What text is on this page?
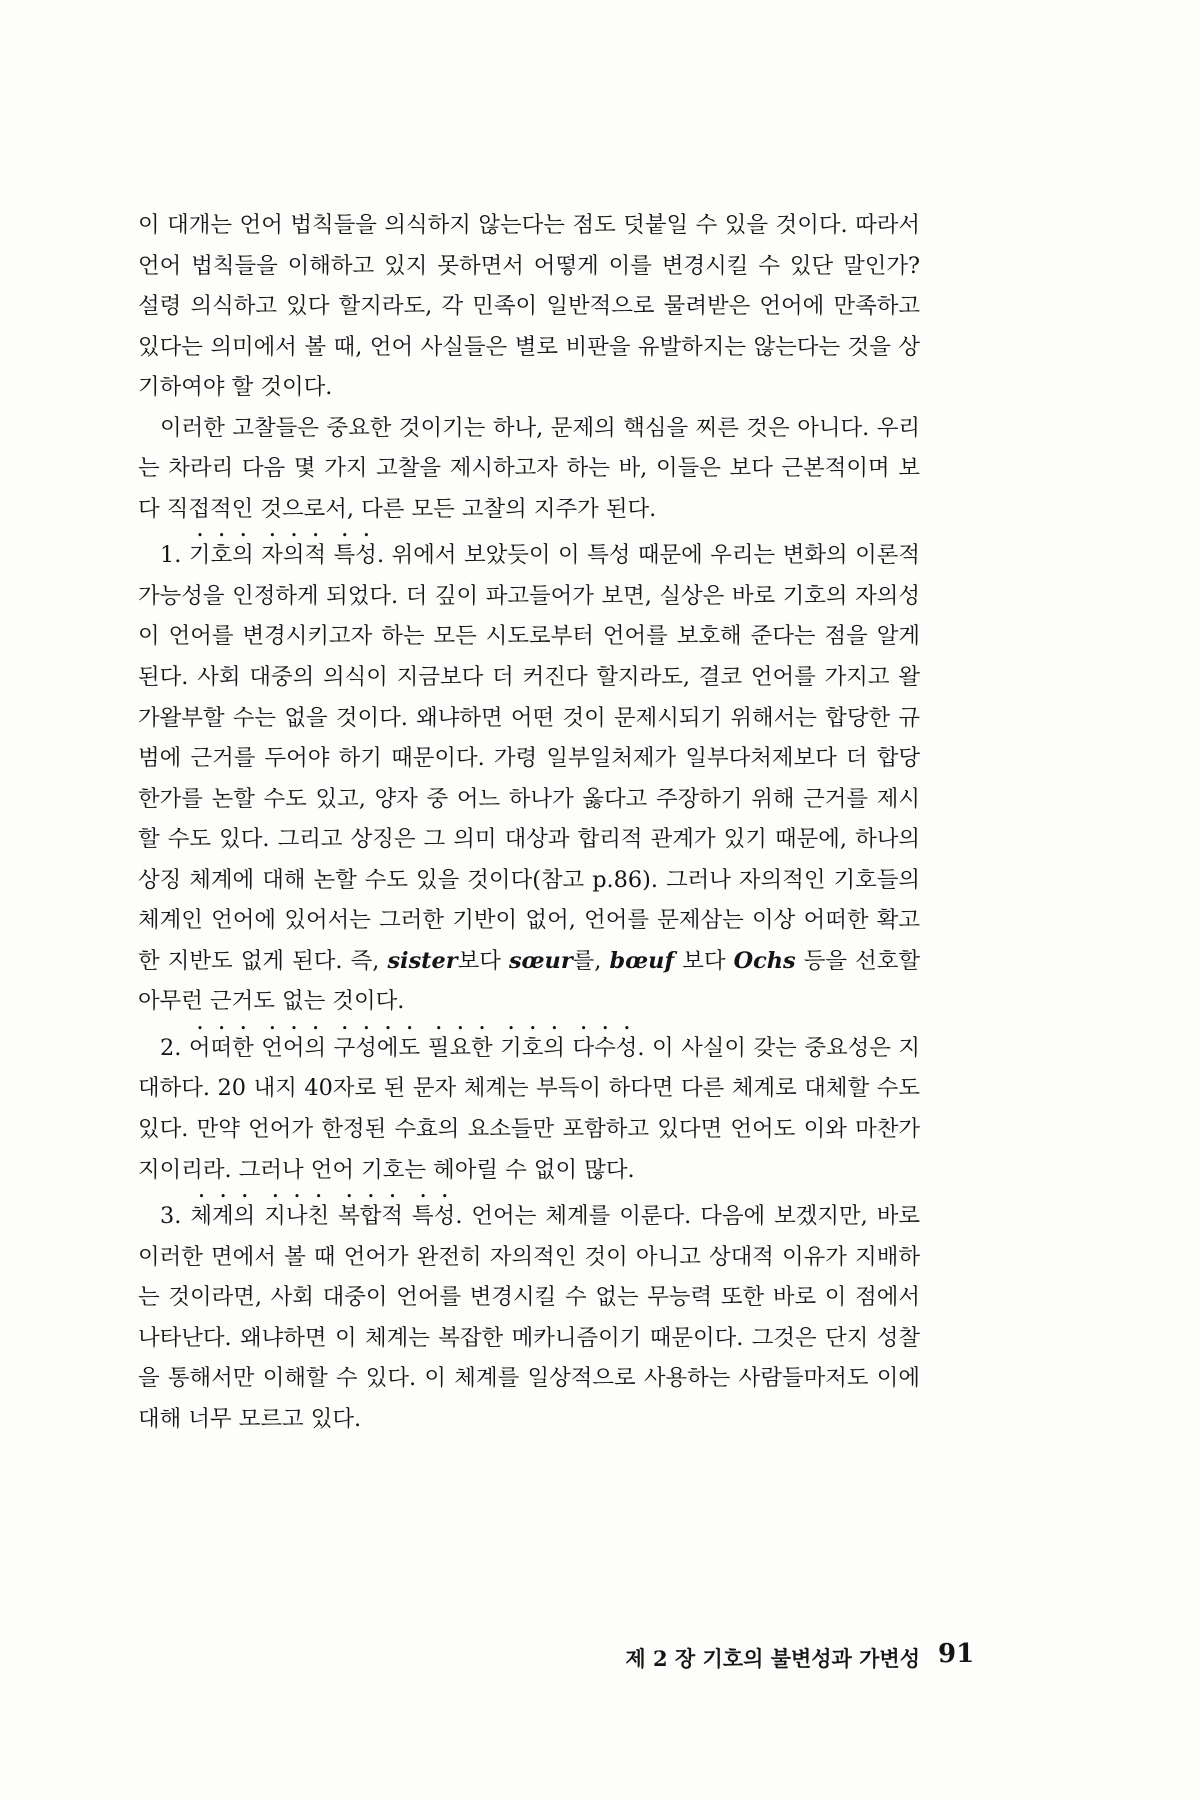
이 대개는 언어 법칙들을 의식하지 않는다는 점도 덧붙일 수 있을 것이다. 따라서 언어 법칙들을 이해하고 있지 못하면서 어떻게 이를 변경시킬 수 있단 말인가? 설령 의식하고 있다 할지라도, 각 민족이 일반적으로 물려받은 언어에 만족하고 있다는 의미에서 볼 때, 언어 사실들은 별로 비판을 유발하지는 않는다는 것을 상기하여야 할 것이다.

이러한 고찰들은 중요한 것이기는 하나, 문제의 핵심을 찌른 것은 아니다. 우리는 차라리 다음 몇 가지 고찰을 제시하고자 하는 바, 이들은 보다 근본적이며 보다 직접적인 것으로서, 다른 모든 고찰의 지주가 된다.

1. 기호의 자의적 특성. 위에서 보았듯이 이 특성 때문에 우리는 변화의 이론적 가능성을 인정하게 되었다. 더 깊이 파고들어가 보면, 실상은 바로 기호의 자의성이 언어를 변경시키고자 하는 모든 시도로부터 언어를 보호해 준다는 점을 알게 된다. 사회 대중의 의식이 지금보다 더 커진다 할지라도, 결코 언어를 가지고 왈가왈부할 수는 없을 것이다. 왜냐하면 어떤 것이 문제시되기 위해서는 합당한 규범에 근거를 두어야 하기 때문이다. 가령 일부일처제가 일부다처제보다 더 합당한가를 논할 수도 있고, 양자 중 어느 하나가 옳다고 주장하기 위해 근거를 제시할 수도 있다. 그리고 상징은 그 의미 대상과 합리적 관계가 있기 때문에, 하나의 상징 체계에 대해 논할 수도 있을 것이다(참고 p.86). 그러나 자의적인 기호들의 체계인 언어에 있어서는 그러한 기반이 없어, 언어를 문제삼는 이상 어떠한 확고한 지반도 없게 된다. 즉, sister보다 sœur를, bœuf 보다 Ochs 등을 선호할 아무런 근거도 없는 것이다.

2. 어떠한 언어의 구성에도 필요한 기호의 다수성. 이 사실이 갖는 중요성은 지대하다. 20 내지 40자로 된 문자 체계는 부득이 하다면 다른 체계로 대체할 수도 있다. 만약 언어가 한정된 수효의 요소들만 포함하고 있다면 언어도 이와 마찬가지이리라. 그러나 언어 기호는 헤아릴 수 없이 많다.

3. 체계의 지나친 복합적 특성. 언어는 체계를 이룬다. 다음에 보겠지만, 바로 이러한 면에서 볼 때 언어가 완전히 자의적인 것이 아니고 상대적 이유가 지배하는 것이라면, 사회 대중이 언어를 변경시킬 수 없는 무능력 또한 바로 이 점에서 나타난다. 왜냐하면 이 체계는 복잡한 메카니즘이기 때문이다. 그것은 단지 성찰을 통해서만 이해할 수 있다. 이 체계를 일상적으로 사용하는 사람들마저도 이에 대해 너무 모르고 있다.

제 2 장 기호의 불변성과 가변성 91
